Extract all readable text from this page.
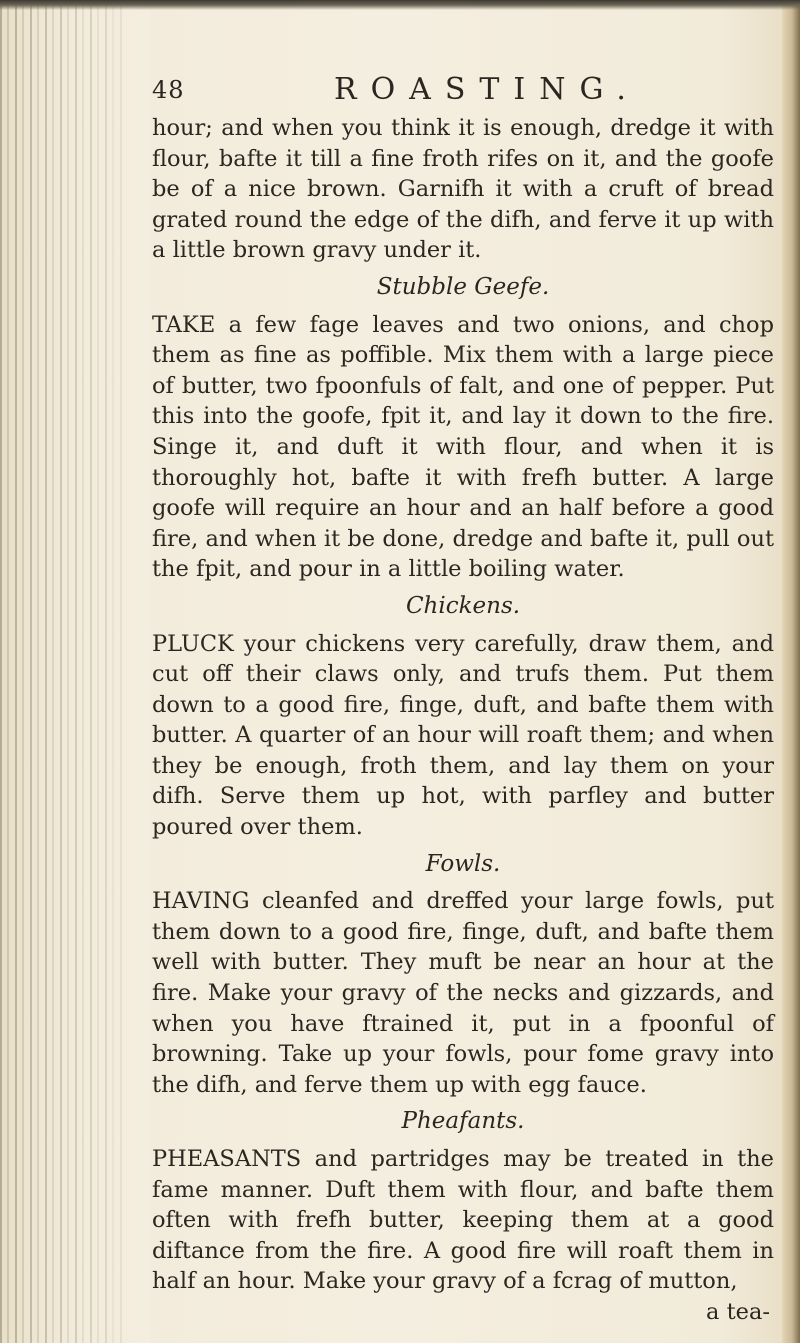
48	ROASTING.

hour; and when you think it is enough, dredge it with flour, bafte it till a fine froth rifes on it, and the goofe be of a nice brown. Garnifh it with a cruft of bread grated round the edge of the difh, and ferve it up with a little brown gravy under it.

Stubble Geefe.

TAKE a few fage leaves and two onions, and chop them as fine as poffible. Mix them with a large piece of butter, two fpoonfuls of falt, and one of pepper. Put this into the goofe, fpit it, and lay it down to the fire. Singe it, and duft it with flour, and when it is thoroughly hot, bafte it with frefh butter. A large goofe will require an hour and an half before a good fire, and when it be done, dredge and bafte it, pull out the fpit, and pour in a little boiling water.

Chickens.

PLUCK your chickens very carefully, draw them, and cut off their claws only, and trufs them. Put them down to a good fire, finge, duft, and bafte them with butter. A quarter of an hour will roaft them; and when they be enough, froth them, and lay them on your difh. Serve them up hot, with parfley and butter poured over them.

Fowls.

HAVING cleanfed and dreffed your large fowls, put them down to a good fire, finge, duft, and bafte them well with butter. They muft be near an hour at the fire. Make your gravy of the necks and gizzards, and when you have ftrained it, put in a fpoonful of browning. Take up your fowls, pour fome gravy into the difh, and ferve them up with egg fauce.

Pheafants.

PHEASANTS and partridges may be treated in the fame manner. Duft them with flour, and bafte them often with frefh butter, keeping them at a good diftance from the fire. A good fire will roaft them in half an hour. Make your gravy of a fcrag of mutton,

a tea-
